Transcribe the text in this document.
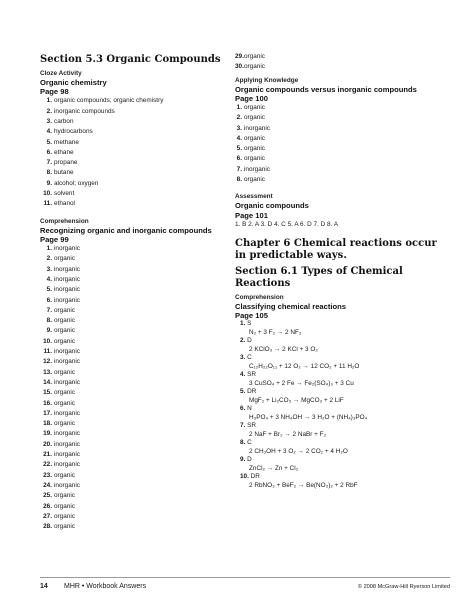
Section 5.3 Organic Compounds
Cloze Activity
Organic chemistry
Page 98
1. organic compounds; organic chemistry
2. inorganic compounds
3. carbon
4. hydrocarbons
5. methane
6. ethane
7. propane
8. butane
9. alcohol; oxygen
10. solvent
11. ethanol
Comprehension
Recognizing organic and inorganic compounds
Page 99
1. inorganic
2. organic
3. inorganic
4. inorganic
5. inorganic
6. inorganic
7. organic
8. organic
9. organic
10. organic
11. inorganic
12. inorganic
13. organic
14. inorganic
15. organic
16. organic
17. inorganic
18. organic
19. inorganic
20. inorganic
21. inorganic
22. inorganic
23. organic
24. inorganic
25. organic
26. organic
27. organic
28. organic
29.organic
30.organic
Applying Knowledge
Organic compounds versus inorganic compounds
Page 100
1. organic
2. organic
3. inorganic
4. organic
5. organic
6. organic
7. inorganic
8. organic
Assessment
Organic compounds
Page 101
1. B 2. A 3. D 4. C 5. A 6. D 7. D 8. A
Chapter 6 Chemical reactions occur in predictable ways.
Section 6.1 Types of Chemical Reactions
Comprehension
Classifying chemical reactions
Page 105
1. S
N₂ + 3 F₂ → 2 NF₃
2. D
2 KClO₃ → 2 KCl + 3 O₂
3. C
C₁₂H₂₂O₁₁ + 12 O₂ → 12 CO₂ + 11 H₂O
4. SR
3 CuSO₄ + 2 Fe → Fe₂(SO₄)₃ + 3 Cu
5. DR
MgF₂ + Li₂CO₃ → MgCO₃ + 2 LiF
6. N
H₃PO₄ + 3 NH₄OH → 3 H₂O + (NH₄)₃PO₄
7. SR
2 NaF + Br₂ → 2 NaBr + F₂
8. C
2 CH₃OH + 3 O₂ → 2 CO₂ + 4 H₂O
9. D
ZnCl₂ → Zn + Cl₂
10. DR
2 RbNO₃ + BeF₂ → Be(NO₃)₂ + 2 RbF
14 MHR • Workbook Answers	© 2008 McGraw-Hill Ryerson Limited
